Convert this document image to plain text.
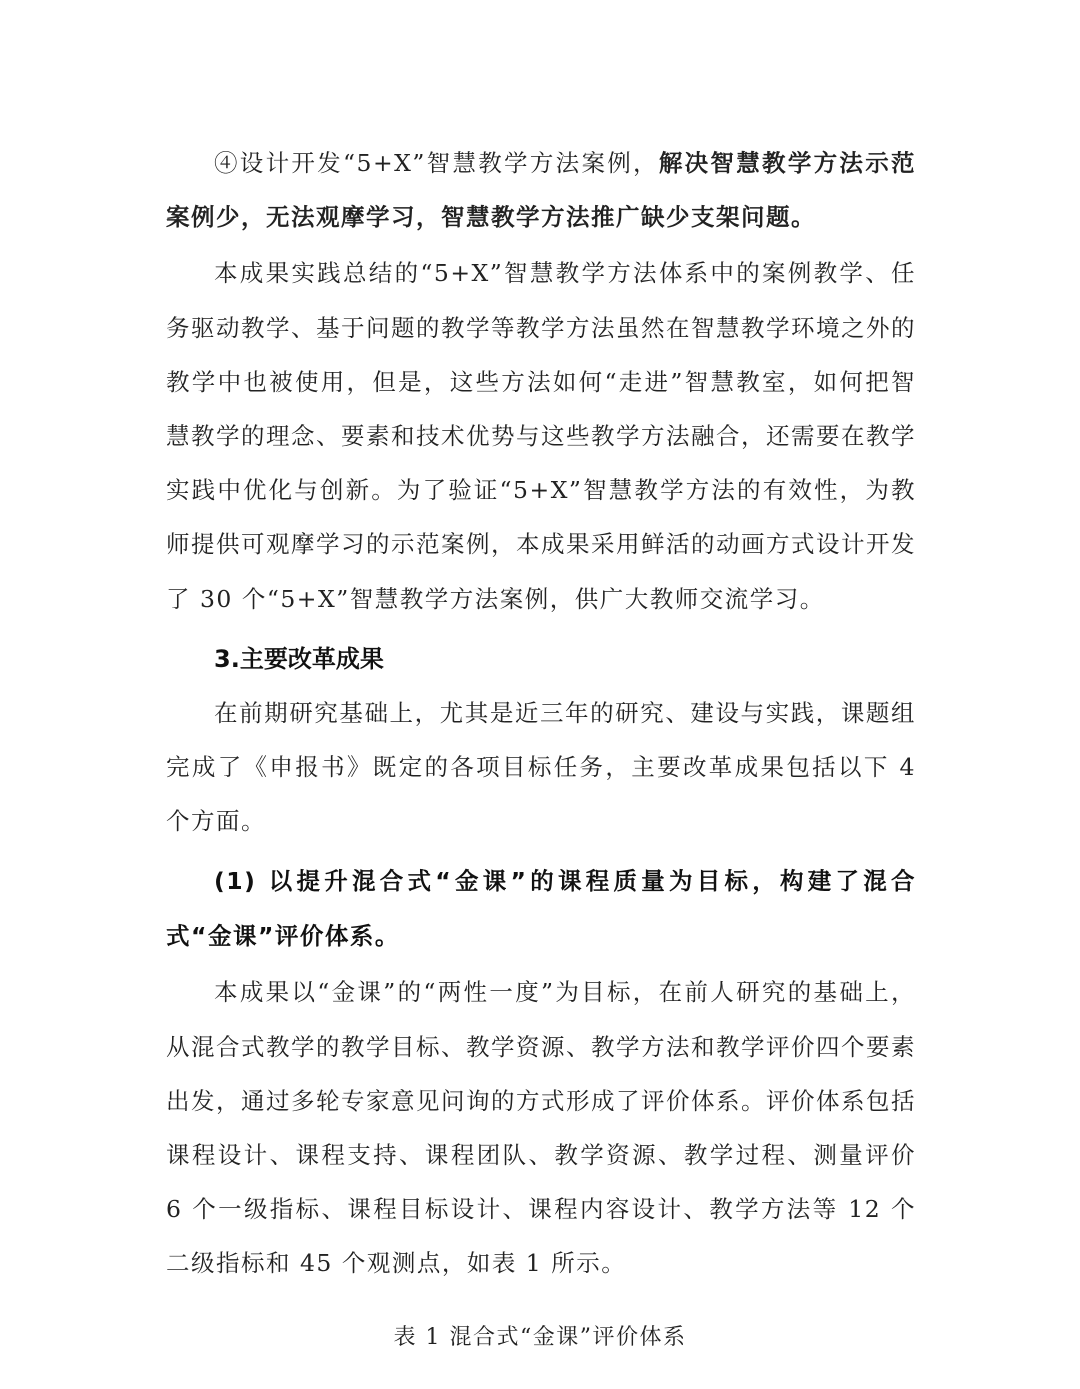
④设计开发“5+X”智慧教学方法案例，解决智慧教学方法示范案例少，无法观摩学习，智慧教学方法推广缺少支架问题。

本成果实践总结的“5+X”智慧教学方法体系中的案例教学、任务驱动教学、基于问题的教学等教学方法虽然在智慧教学环境之外的教学中也被使用，但是，这些方法如何“走进”智慧教室，如何把智慧教学的理念、要素和技术优势与这些教学方法融合，还需要在教学实践中优化与创新。为了验证“5+X”智慧教学方法的有效性，为教师提供可观摩学习的示范案例，本成果采用鲜活的动画方式设计开发了 30 个“5+X”智慧教学方法案例，供广大教师交流学习。

3.主要改革成果

在前期研究基础上，尤其是近三年的研究、建设与实践，课题组完成了《申报书》既定的各项目标任务，主要改革成果包括以下 4 个方面。

(1) 以提升混合式“金课”的课程质量为目标，构建了混合式“金课”评价体系。

本成果以“金课”的“两性一度”为目标，在前人研究的基础上，从混合式教学的教学目标、教学资源、教学方法和教学评价四个要素出发，通过多轮专家意见问询的方式形成了评价体系。评价体系包括课程设计、课程支持、课程团队、教学资源、教学过程、测量评价 6 个一级指标、课程目标设计、课程内容设计、教学方法等 12 个二级指标和 45 个观测点，如表 1 所示。

表 1 混合式“金课”评价体系
